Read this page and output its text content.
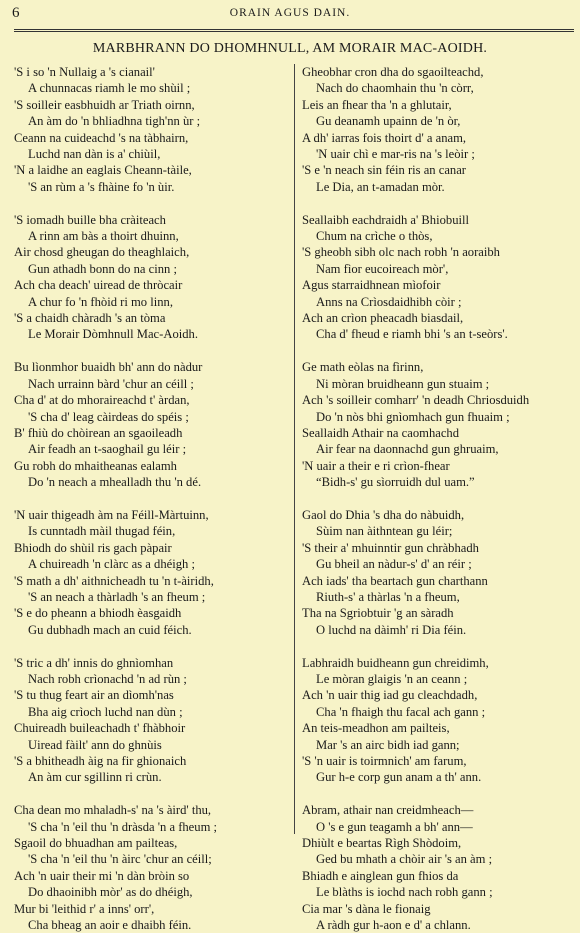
6	ORAIN AGUS DAIN.
MARBHRANN DO DHOMHNULL, AM MORAIR MAC-AOIDH.
'S i so 'n Nullaig a 's cianail'
A chunnacas riamh le mo shùil ;
'S soilleir easbhuidh ar Triath oirnn,
An àm do 'n bhliadhna tigh'nn ùr ;
Ceann na cuideachd 's na tàbhairn,
Luchd nan dàn is a' chiùil,
'N a laidhe an eaglais Cheann-tàile,
'S an rùm a 's fhàine fo 'n ùir.
'S iomadh buille bha cràiteach
A rinn am bàs a thoirt dhuinn,
Air chosd gheugan do theaghlaich,
Gun athadh bonn do na cinn ;
Ach cha deach' uiread de thròcair
A chur fo 'n fhòid ri mo linn,
'S a chaidh chàradh 's an tòma
Le Morair Dòmhnull Mac-Aoidh.
Bu lìonmhor buaidh bh' ann do nàdur
Nach urrainn bàrd 'chur an céill ;
Cha d' at do mhoraireachd t' àrdan,
'S cha d' leag càirdeas do spéis ;
B' fhiù do chòirean an sgaoileadh
Air feadh an t-saoghail gu léir ;
Gu robh do mhaitheanas ealamh
Do 'n neach a mhealladh thu 'n dé.
'N uair thigeadh àm na Féill-Màrtuinn,
Is cunntadh màil thugad féin,
Bhiodh do shùil ris gach pàpair
A chuireadh 'n clàrc as a dhéigh ;
'S math a dh' aithnicheadh tu 'n t-àiridh,
'S an neach a thàrladh 's an fheum ;
'S e do pheann a bhiodh èasgaidh
Gu dubhadh mach an cuid féich.
'S tric a dh' innis do ghnìomhan
Nach robh crìonachd 'n ad rùn ;
'S tu thug feart air an dìomh'nas
Bha aig crìoch luchd nan dùn ;
Chuireadh buileachadh t' fhàbhoir
Uiread fàilt' ann do ghnùis
'S a bhitheadh àig na fir ghionaich
An àm cur sgillinn ri crùn.
Cha dean mo mhaladh-s' na 's àird' thu,
'S cha 'n 'eil thu 'n dràsda 'n a fheum ;
Sgaoil do bhuadhan am pailteas,
'S cha 'n 'eil thu 'n àirc 'chur an céill;
Ach 'n uair their mi 'n dàn bròin so
Do dhaoinibh mòr' as do dhéigh,
Mur bi 'leithid r' a inns' orr',
Cha bheag an aoir e dhaibh féin.
Gheobhar cron dha do sgaoilteachd,
Nach do chaomhain thu 'n còrr,
Leis an fhear tha 'n a ghlutair,
Gu deanamh upainn de 'n òr,
A dh' iarras fois thoirt d' a anam,
'N uair chì e mar-ris na 's leòir ;
'S e 'n neach sin féin ris an canar
Le Dia, an t-amadan mòr.
Seallaibh eachdraidh a' Bhiobuill
Chum na crìche o thòs,
'S gheobh sibh olc nach robh 'n aoraibh
Nam fìor eucoireach mòr',
Agus starraidhnean mìofoir
Anns na Crìosdaidhibh còir ;
Ach an crìon pheacadh biasdail,
Cha d' fheud e riamh bhi 's an t-seòrs'.
Ge math eòlas na fìrinn,
Ni mòran bruidheann gun stuaim ;
Ach 's soilleir comharr' 'n deadh Chriosduidh
Do 'n nòs bhi gnìomhach gun fhuaim ;
Seallaidh Athair na caomhachd
Air fear na daonnachd gun ghruaim,
'N uair a their e ri crìon-fhear
“Bidh-s' gu sìorruidh dul uam.”
Gaol do Dhia 's dha do nàbuidh,
Sùim nan àithntean gu léir;
'S their a' mhuinntir gun chràbhadh
Gu bheil an nàdur-s' d' an réir ;
Ach iads' tha beartach gun charthann
Riuth-s' a thàrlas 'n a fheum,
Tha na Sgriobtuir 'g an sàradh
O luchd na dàimh' ri Dia féin.
Labhraidh buidheann gun chreidimh,
Le mòran glaigis 'n an ceann ;
Ach 'n uair thig iad gu cleachdadh,
Cha 'n fhaigh thu facal ach gann ;
An teis-meadhon am pailteis,
Mar 's an airc bidh iad gann;
'S 'n uair is toirmnich' am farum,
Gur h-e corp gun anam a th' ann.
Abram, athair nan creidmheach—
O 's e gun teagamh a bh' ann—
Dhiùlt e beartas Rìgh Shòdoim,
Ged bu mhath a chòir air 's an àm ;
Bhiadh e ainglean gun fhios da
Le blàths is iochd nach robh gann ;
Cia mar 's dàna le fionaig
A ràdh gur h-aon e d' a chlann.
